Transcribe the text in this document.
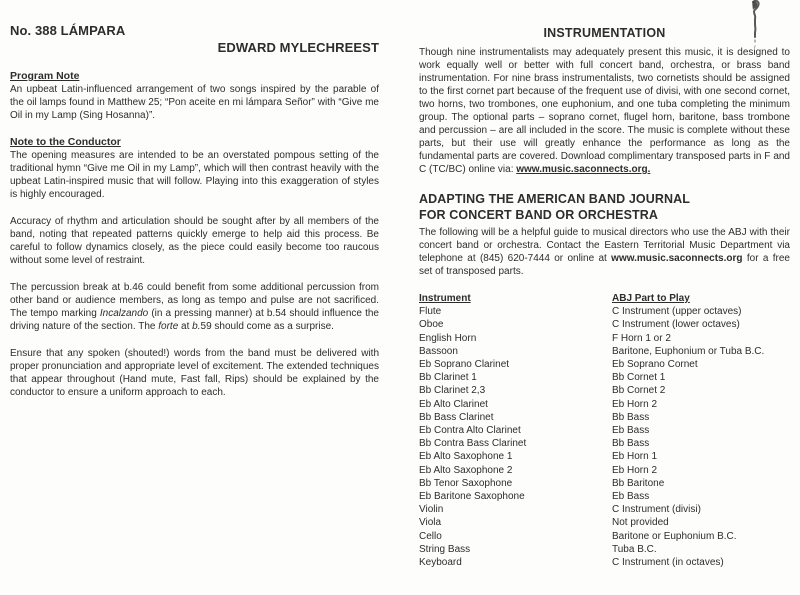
No. 388 LÁMPARA
EDWARD MYLECHREEST
Program Note

An upbeat Latin-influenced arrangement of two songs inspired by the parable of the oil lamps found in Matthew 25; “Pon aceite en mi lámpara Señor” with “Give me Oil in my Lamp (Sing Hosanna)”.

Note to the Conductor

The opening measures are intended to be an overstated pompous setting of the traditional hymn “Give me Oil in my Lamp”, which will then contrast heavily with the upbeat Latin-inspired music that will follow. Playing into this exaggeration of styles is highly encouraged.

Accuracy of rhythm and articulation should be sought after by all members of the band, noting that repeated patterns quickly emerge to help aid this process. Be careful to follow dynamics closely, as the piece could easily become too raucous without some level of restraint.

The percussion break at b.46 could benefit from some additional percussion from other band or audience members, as long as tempo and pulse are not sacrificed. The tempo marking Incalzando (in a pressing manner) at b.54 should influence the driving nature of the section. The forte at b.59 should come as a surprise.

Ensure that any spoken (shouted!) words from the band must be delivered with proper pronunciation and appropriate level of excitement. The extended techniques that appear throughout (Hand mute, Fast fall, Rips) should be explained by the conductor to ensure a uniform approach to each.

INSTRUMENTATION

Though nine instrumentalists may adequately present this music, it is designed to work equally well or better with full concert band, orchestra, or brass band instrumentation. For nine brass instrumentalists, two cornetists should be assigned to the first cornet part because of the frequent use of divisi, with one second cornet, two horns, two trombones, one euphonium, and one tuba completing the minimum group. The optional parts – soprano cornet, flugel horn, baritone, bass trombone and percussion – are all included in the score. The music is complete without these parts, but their use will greatly enhance the performance as long as the fundamental parts are covered. Download complimentary transposed parts in F and C (TC/BC) online via: www.music.saconnects.org.

ADAPTING THE AMERICAN BAND JOURNAL
FOR CONCERT BAND OR ORCHESTRA

The following will be a helpful guide to musical directors who use the ABJ with their concert band or orchestra. Contact the Eastern Territorial Music Department via telephone at (845) 620-7444 or online at www.music.saconnects.org for a free set of transposed parts.

Instrument	ABJ Part to Play
Flute	C Instrument (upper octaves)
Oboe	C Instrument (lower octaves)
English Horn	F Horn 1 or 2
Bassoon	Baritone, Euphonium or Tuba B.C.
Eb Soprano Clarinet	Eb Soprano Cornet
Bb Clarinet 1	Bb Cornet 1
Bb Clarinet 2,3	Bb Cornet 2
Eb Alto Clarinet	Eb Horn 2
Bb Bass Clarinet	Bb Bass
Eb Contra Alto Clarinet	Eb Bass
Bb Contra Bass Clarinet	Bb Bass
Eb Alto Saxophone 1	Eb Horn 1
Eb Alto Saxophone 2	Eb Horn 2
Bb Tenor Saxophone	Bb Baritone
Eb Baritone Saxophone	Eb Bass
Violin	C Instrument (divisi)
Viola	Not provided
Cello	Baritone or Euphonium B.C.
String Bass	Tuba B.C.
Keyboard	C Instrument (in octaves)
